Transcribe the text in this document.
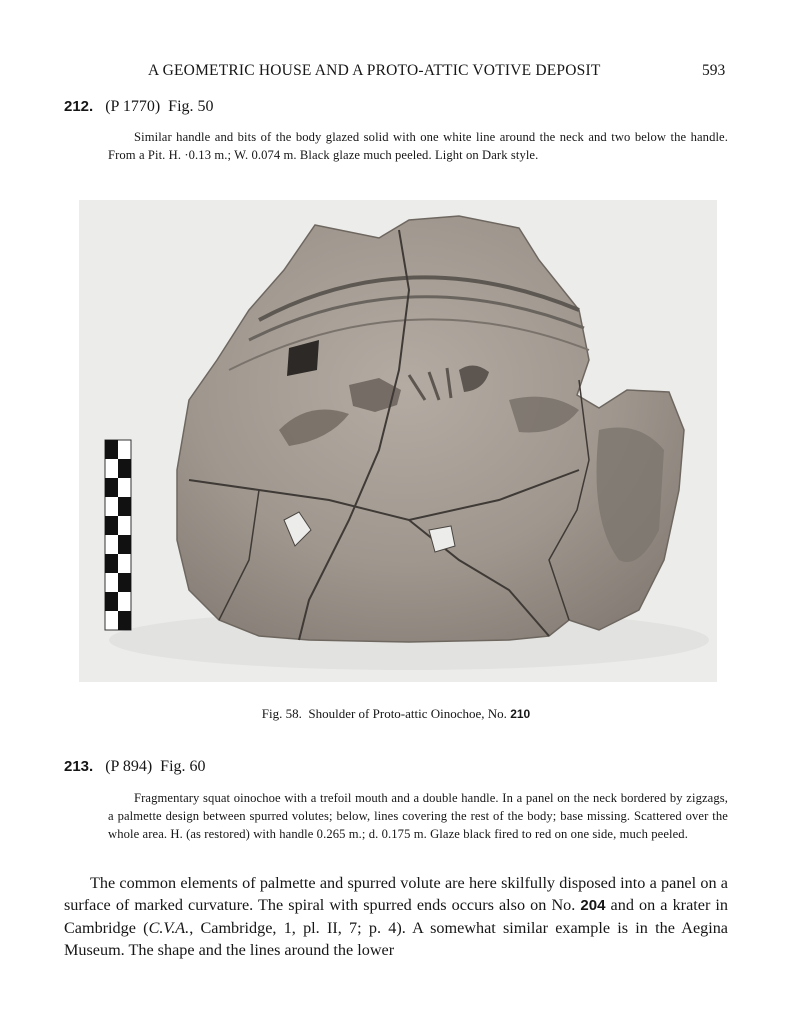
A GEOMETRIC HOUSE AND A PROTO-ATTIC VOTIVE DEPOSIT	593
212. (P 1770) Fig. 50
Similar handle and bits of the body glazed solid with one white line around the neck and two below the handle. From a Pit. H. ·0.13 m.; W. 0.074 m. Black glaze much peeled. Light on Dark style.
Fig. 58. Shoulder of Proto-attic Oinochoe, No. 210
213. (P 894) Fig. 60
Fragmentary squat oinochoe with a trefoil mouth and a double handle. In a panel on the neck bordered by zigzags, a palmette design between spurred volutes; below, lines covering the rest of the body; base missing. Scattered over the whole area. H. (as restored) with handle 0.265 m.; d. 0.175 m. Glaze black fired to red on one side, much peeled.

The common elements of palmette and spurred volute are here skilfully disposed into a panel on a surface of marked curvature. The spiral with spurred ends occurs also on No. 204 and on a krater in Cambridge (C.V.A., Cambridge, 1, pl. II, 7; p. 4). A somewhat similar example is in the Aegina Museum. The shape and the lines around the lower
